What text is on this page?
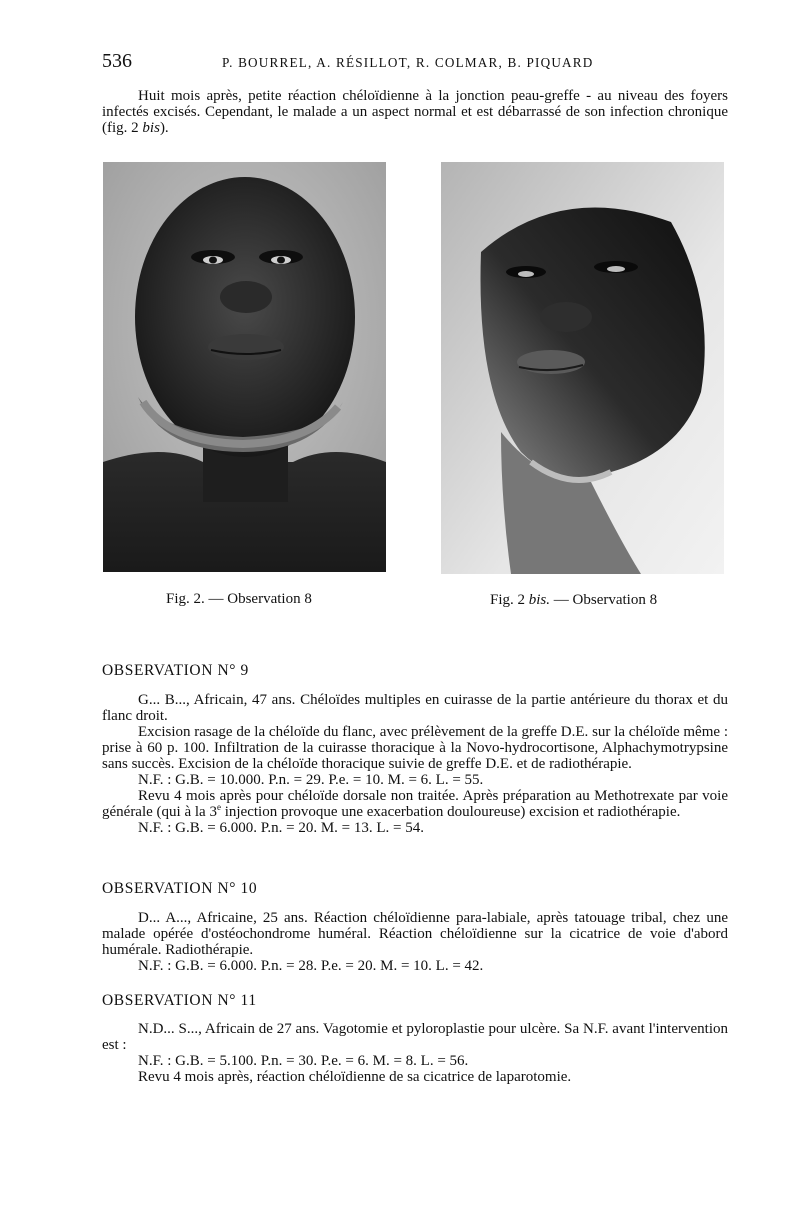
536	P. BOURREL, A. RÉSILLOT, R. COLMAR, B. PIQUARD

Huit mois après, petite réaction chéloïdienne à la jonction peau-greffe - au niveau des foyers infectés excisés. Cependant, le malade a un aspect normal et est débarrassé de son infection chronique (fig. 2 bis).

Fig. 2. — Observation 8	Fig. 2 bis. — Observation 8
OBSERVATION N° 9

G... B..., Africain, 47 ans. Chéloïdes multiples en cuirasse de la partie antérieure du thorax et du flanc droit.

Excision rasage de la chéloïde du flanc, avec prélèvement de la greffe D.E. sur la chéloïde même : prise à 60 p. 100. Infiltration de la cuirasse thoracique à la Novo-hydrocortisone, Alphachymotrypsine sans succès. Excision de la chéloïde thoracique suivie de greffe D.E. et de radiothérapie.

N.F. : G.B. = 10.000. P.n. = 29. P.e. = 10. M. = 6. L. = 55.

Revu 4 mois après pour chéloïde dorsale non traitée. Après préparation au Methotrexate par voie générale (qui à la 3e injection provoque une exacerbation douloureuse) excision et radiothérapie.

N.F. : G.B. = 6.000. P.n. = 20. M. = 13. L. = 54.

OBSERVATION N° 10

D... A..., Africaine, 25 ans. Réaction chéloïdienne para-labiale, après tatouage tribal, chez une malade opérée d'ostéochondrome huméral. Réaction chéloïdienne sur la cicatrice de voie d'abord humérale. Radiothérapie.

N.F. : G.B. = 6.000. P.n. = 28. P.e. = 20. M. = 10. L. = 42.

OBSERVATION N° 11

N.D... S..., Africain de 27 ans. Vagotomie et pyloroplastie pour ulcère. Sa N.F. avant l'intervention est :

N.F. : G.B. = 5.100. P.n. = 30. P.e. = 6. M. = 8. L. = 56.

Revu 4 mois après, réaction chéloïdienne de sa cicatrice de laparotomie.
